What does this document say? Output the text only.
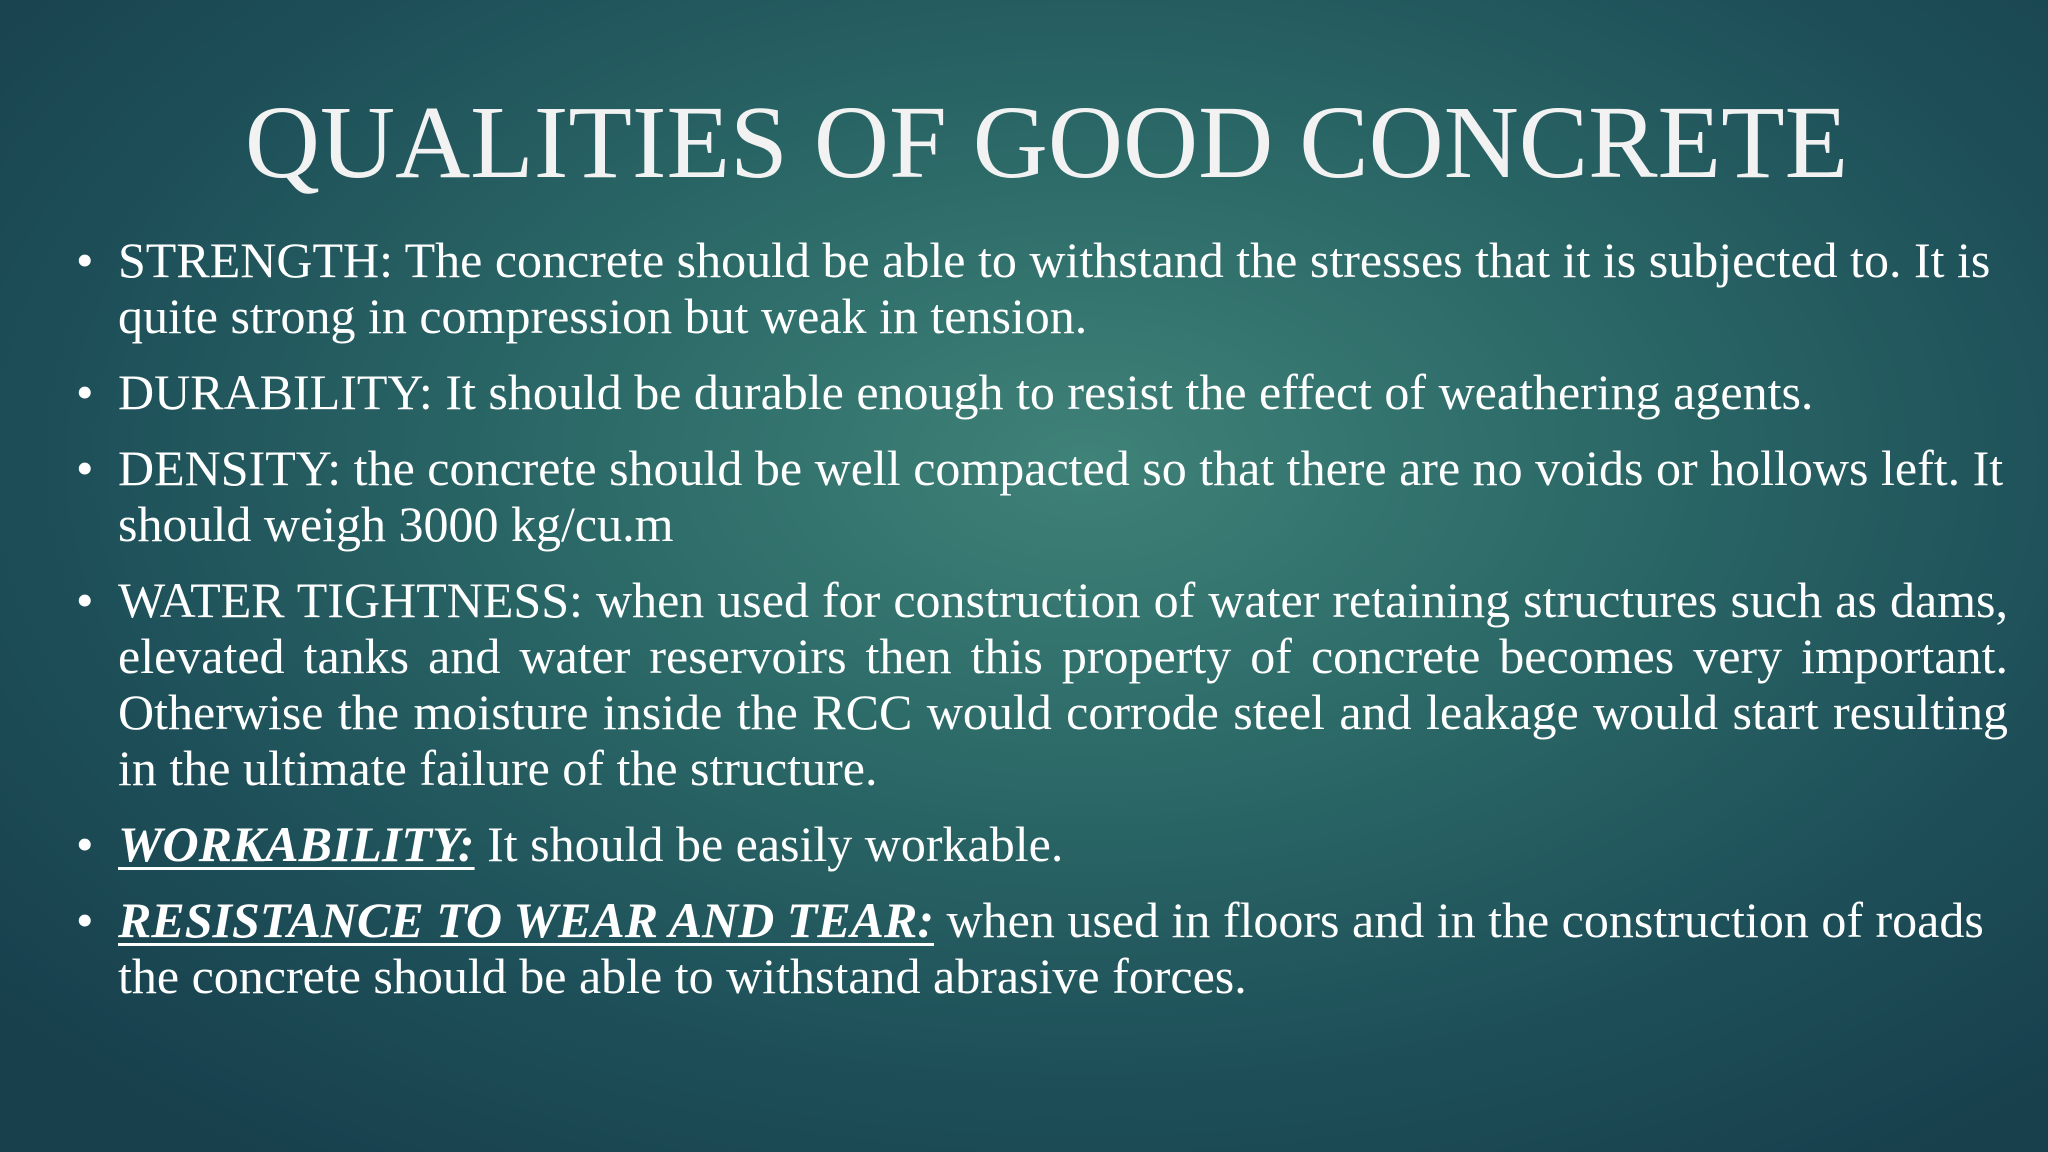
QUALITIES OF GOOD CONCRETE
• STRENGTH: The concrete should be able to withstand the stresses that it is subjected to. It is quite strong in compression but weak in tension.
• DURABILITY: It should be durable enough to resist the effect of weathering agents.
• DENSITY: the concrete should be well compacted so that there are no voids or hollows left. It should weigh 3000 kg/cu.m
• WATER TIGHTNESS: when used for construction of water retaining structures such as dams, elevated tanks and water reservoirs then this property of concrete becomes very important. Otherwise the moisture inside the RCC would corrode steel and leakage would start resulting in the ultimate failure of the structure.
• WORKABILITY: It should be easily workable.
• RESISTANCE TO WEAR AND TEAR: when used in floors and in the construction of roads the concrete should be able to withstand abrasive forces.
